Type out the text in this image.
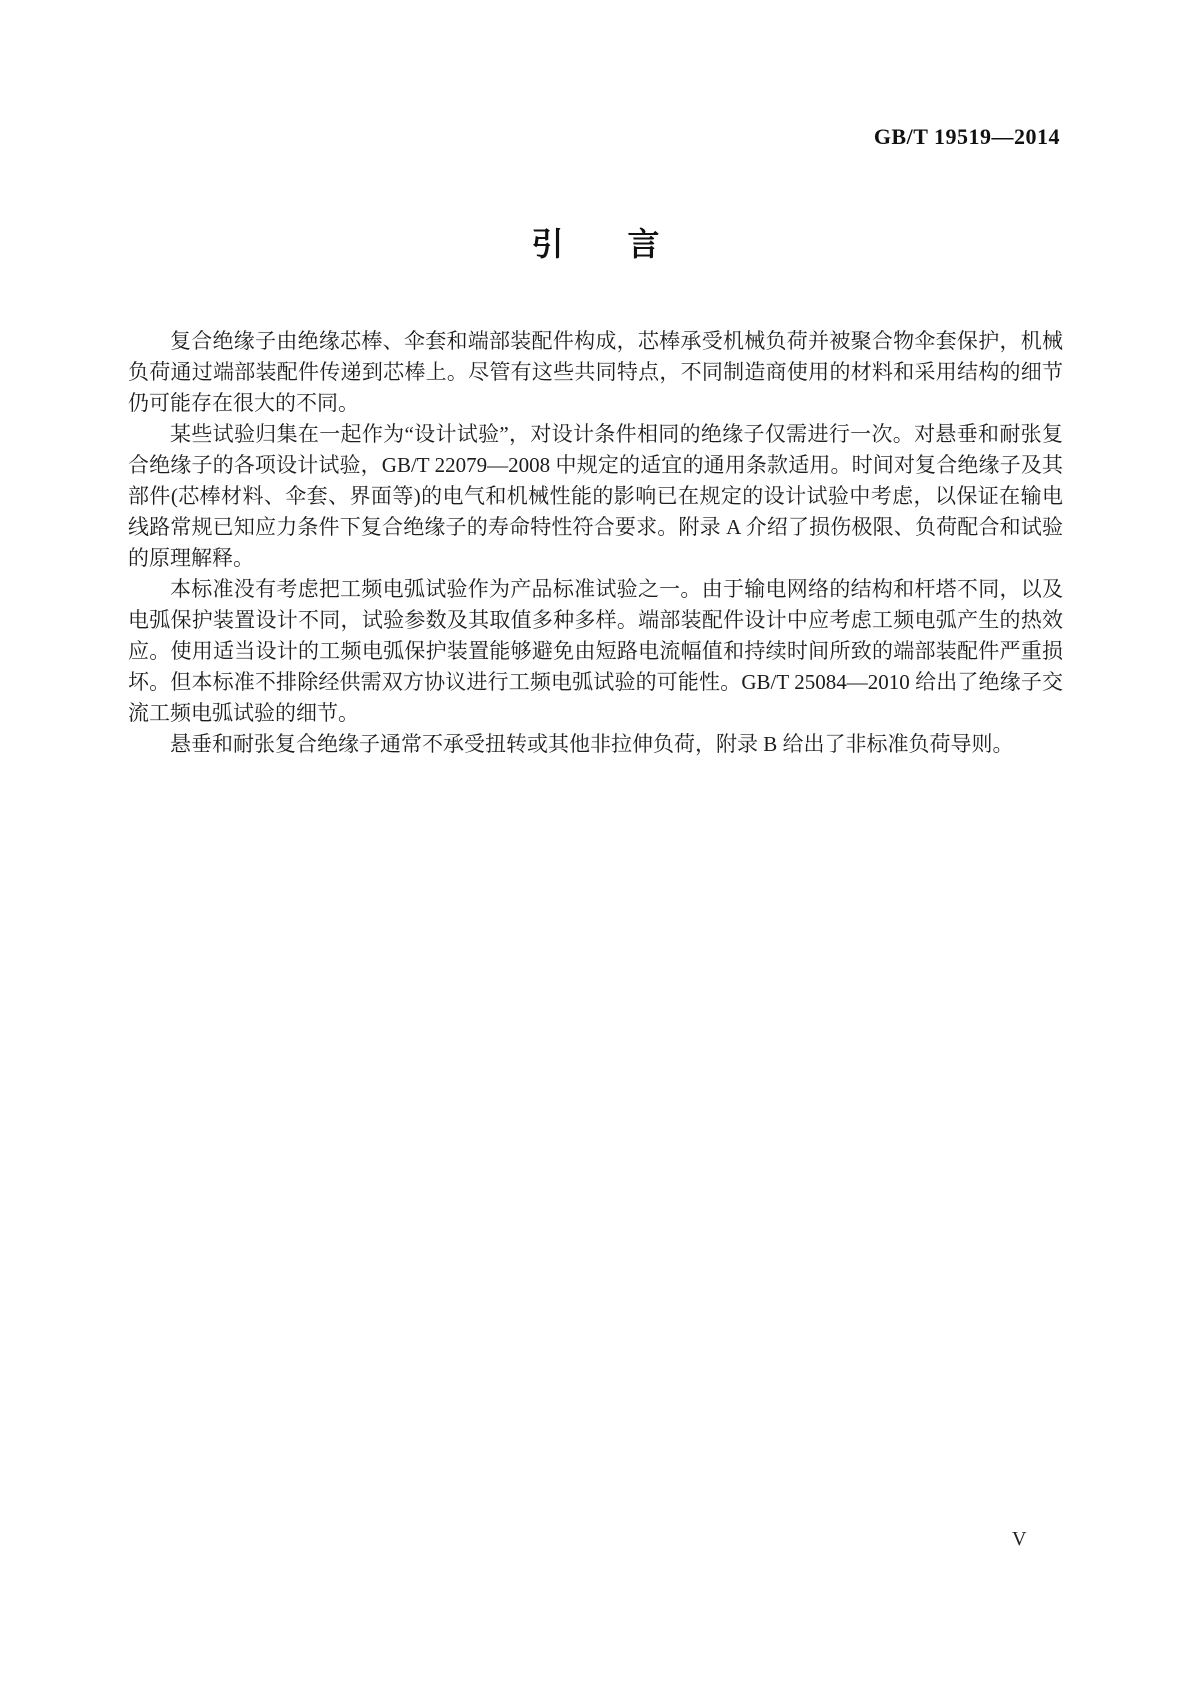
GB/T 19519—2014
引　　言

复合绝缘子由绝缘芯棒、伞套和端部装配件构成，芯棒承受机械负荷并被聚合物伞套保护，机械负荷通过端部装配件传递到芯棒上。尽管有这些共同特点，不同制造商使用的材料和采用结构的细节仍可能存在很大的不同。

某些试验归集在一起作为“设计试验”，对设计条件相同的绝缘子仅需进行一次。对悬垂和耐张复合绝缘子的各项设计试验，GB/T 22079—2008 中规定的适宜的通用条款适用。时间对复合绝缘子及其部件(芯棒材料、伞套、界面等)的电气和机械性能的影响已在规定的设计试验中考虑，以保证在输电线路常规已知应力条件下复合绝缘子的寿命特性符合要求。附录 A 介绍了损伤极限、负荷配合和试验的原理解释。

本标准没有考虑把工频电弧试验作为产品标准试验之一。由于输电网络的结构和杆塔不同，以及电弧保护装置设计不同，试验参数及其取值多种多样。端部装配件设计中应考虑工频电弧产生的热效应。使用适当设计的工频电弧保护装置能够避免由短路电流幅值和持续时间所致的端部装配件严重损坏。但本标准不排除经供需双方协议进行工频电弧试验的可能性。GB/T 25084—2010 给出了绝缘子交流工频电弧试验的细节。

悬垂和耐张复合绝缘子通常不承受扭转或其他非拉伸负荷，附录 B 给出了非标准负荷导则。

V
